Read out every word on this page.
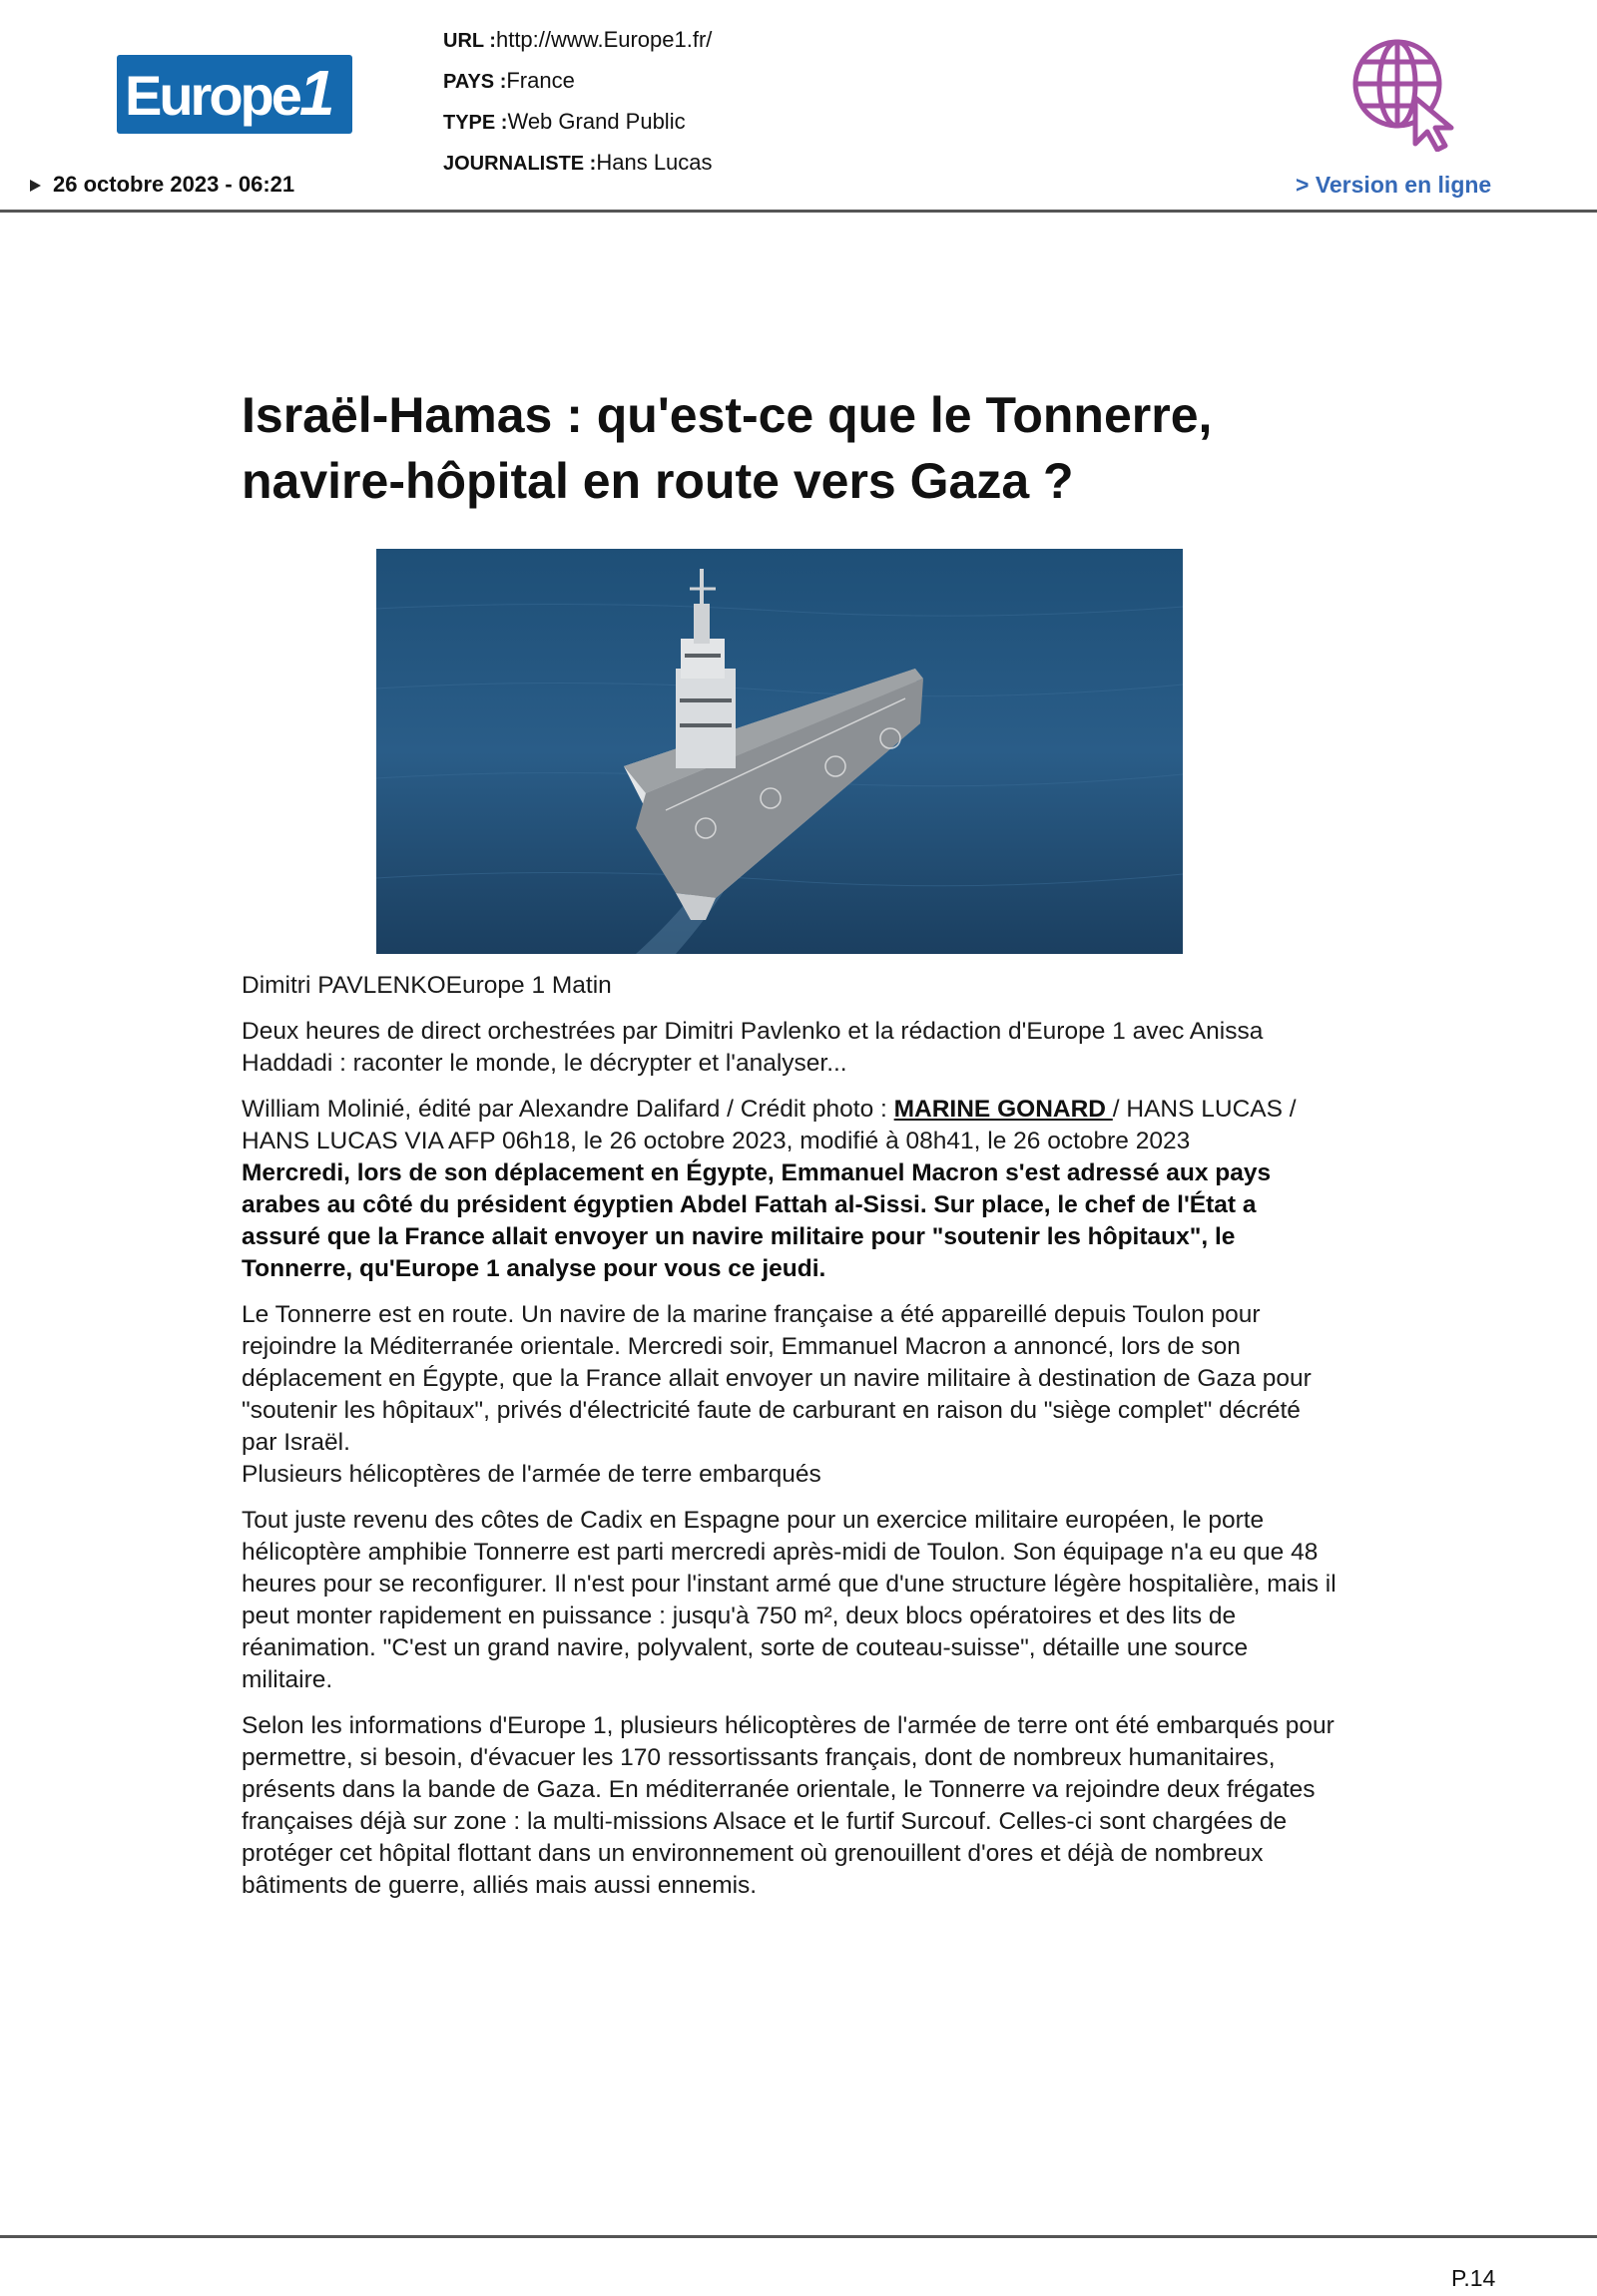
Europe1
URL :http://www.Europe1.fr/
PAYS :France
TYPE :Web Grand Public
JOURNALISTE :Hans Lucas
26 octobre 2023 - 06:21	> Version en ligne
Israël-Hamas : qu'est-ce que le Tonnerre, navire-hôpital en route vers Gaza ?

Dimitri PAVLENKOEurope 1 Matin

Deux heures de direct orchestrées par Dimitri Pavlenko et la rédaction d'Europe 1 avec Anissa Haddadi : raconter le monde, le décrypter et l'analyser...

William Molinié, édité par Alexandre Dalifard / Crédit photo : MARINE GONARD / HANS LUCAS / HANS LUCAS VIA AFP 06h18, le 26 octobre 2023, modifié à 08h41, le 26 octobre 2023

Mercredi, lors de son déplacement en Égypte, Emmanuel Macron s'est adressé aux pays arabes au côté du président égyptien Abdel Fattah al-Sissi. Sur place, le chef de l'État a assuré que la France allait envoyer un navire militaire pour "soutenir les hôpitaux", le Tonnerre, qu'Europe 1 analyse pour vous ce jeudi.

Le Tonnerre est en route. Un navire de la marine française a été appareillé depuis Toulon pour rejoindre la Méditerranée orientale. Mercredi soir, Emmanuel Macron a annoncé, lors de son déplacement en Égypte, que la France allait envoyer un navire militaire à destination de Gaza pour "soutenir les hôpitaux", privés d'électricité faute de carburant en raison du "siège complet" décrété par Israël.

Plusieurs hélicoptères de l'armée de terre embarqués

Tout juste revenu des côtes de Cadix en Espagne pour un exercice militaire européen, le porte hélicoptère amphibie Tonnerre est parti mercredi après-midi de Toulon. Son équipage n'a eu que 48 heures pour se reconfigurer. Il n'est pour l'instant armé que d'une structure légère hospitalière, mais il peut monter rapidement en puissance : jusqu'à 750 m², deux blocs opératoires et des lits de réanimation. "C'est un grand navire, polyvalent, sorte de couteau-suisse", détaille une source militaire.

Selon les informations d'Europe 1, plusieurs hélicoptères de l'armée de terre ont été embarqués pour permettre, si besoin, d'évacuer les 170 ressortissants français, dont de nombreux humanitaires, présents dans la bande de Gaza. En méditerranée orientale, le Tonnerre va rejoindre deux frégates françaises déjà sur zone : la multi-missions Alsace et le furtif Surcouf. Celles-ci sont chargées de protéger cet hôpital flottant dans un environnement où grenouillent d'ores et déjà de nombreux bâtiments de guerre, alliés mais aussi ennemis.

P.14
